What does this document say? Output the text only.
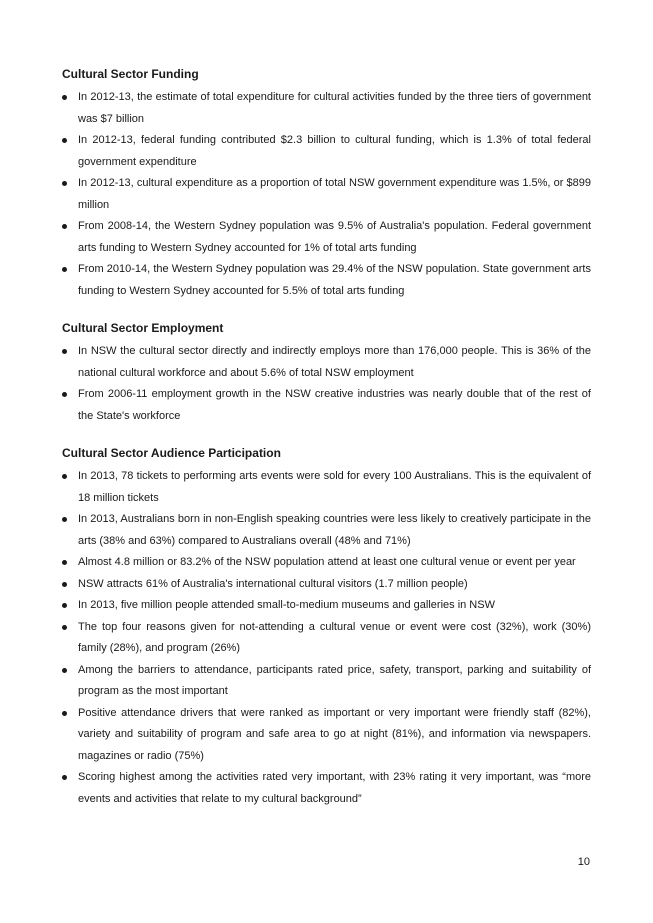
Cultural Sector Funding
In 2012-13, the estimate of total expenditure for cultural activities funded by the three tiers of government was $7 billion
In 2012-13, federal funding contributed $2.3 billion to cultural funding, which is 1.3% of total federal government expenditure
In 2012-13, cultural expenditure as a proportion of total NSW government expenditure was 1.5%, or $899 million
From 2008-14, the Western Sydney population was 9.5% of Australia's population. Federal government arts funding to Western Sydney accounted for 1% of total arts funding
From 2010-14, the Western Sydney population was 29.4% of the NSW population. State government arts funding to Western Sydney accounted for 5.5% of total arts funding
Cultural Sector Employment
In NSW the cultural sector directly and indirectly employs more than 176,000 people. This is 36% of the national cultural workforce and about 5.6% of total NSW employment
From 2006-11 employment growth in the NSW creative industries was nearly double that of the rest of the State's workforce
Cultural Sector Audience Participation
In 2013, 78 tickets to performing arts events were sold for every 100 Australians. This is the equivalent of 18 million tickets
In 2013, Australians born in non-English speaking countries were less likely to creatively participate in the arts (38% and 63%) compared to Australians overall (48% and 71%)
Almost 4.8 million or 83.2% of the NSW population attend at least one cultural venue or event per year
NSW attracts 61% of Australia's international cultural visitors (1.7 million people)
In 2013, five million people attended small-to-medium museums and galleries in NSW
The top four reasons given for not-attending a cultural venue or event were cost (32%), work (30%) family (28%), and program (26%)
Among the barriers to attendance, participants rated price, safety, transport, parking and suitability of program as the most important
Positive attendance drivers that were ranked as important or very important were friendly staff (82%), variety and suitability of program and safe area to go at night (81%), and information via newspapers. magazines or radio (75%)
Scoring highest among the activities rated very important, with 23% rating it very important, was “more events and activities that relate to my cultural background”
10
